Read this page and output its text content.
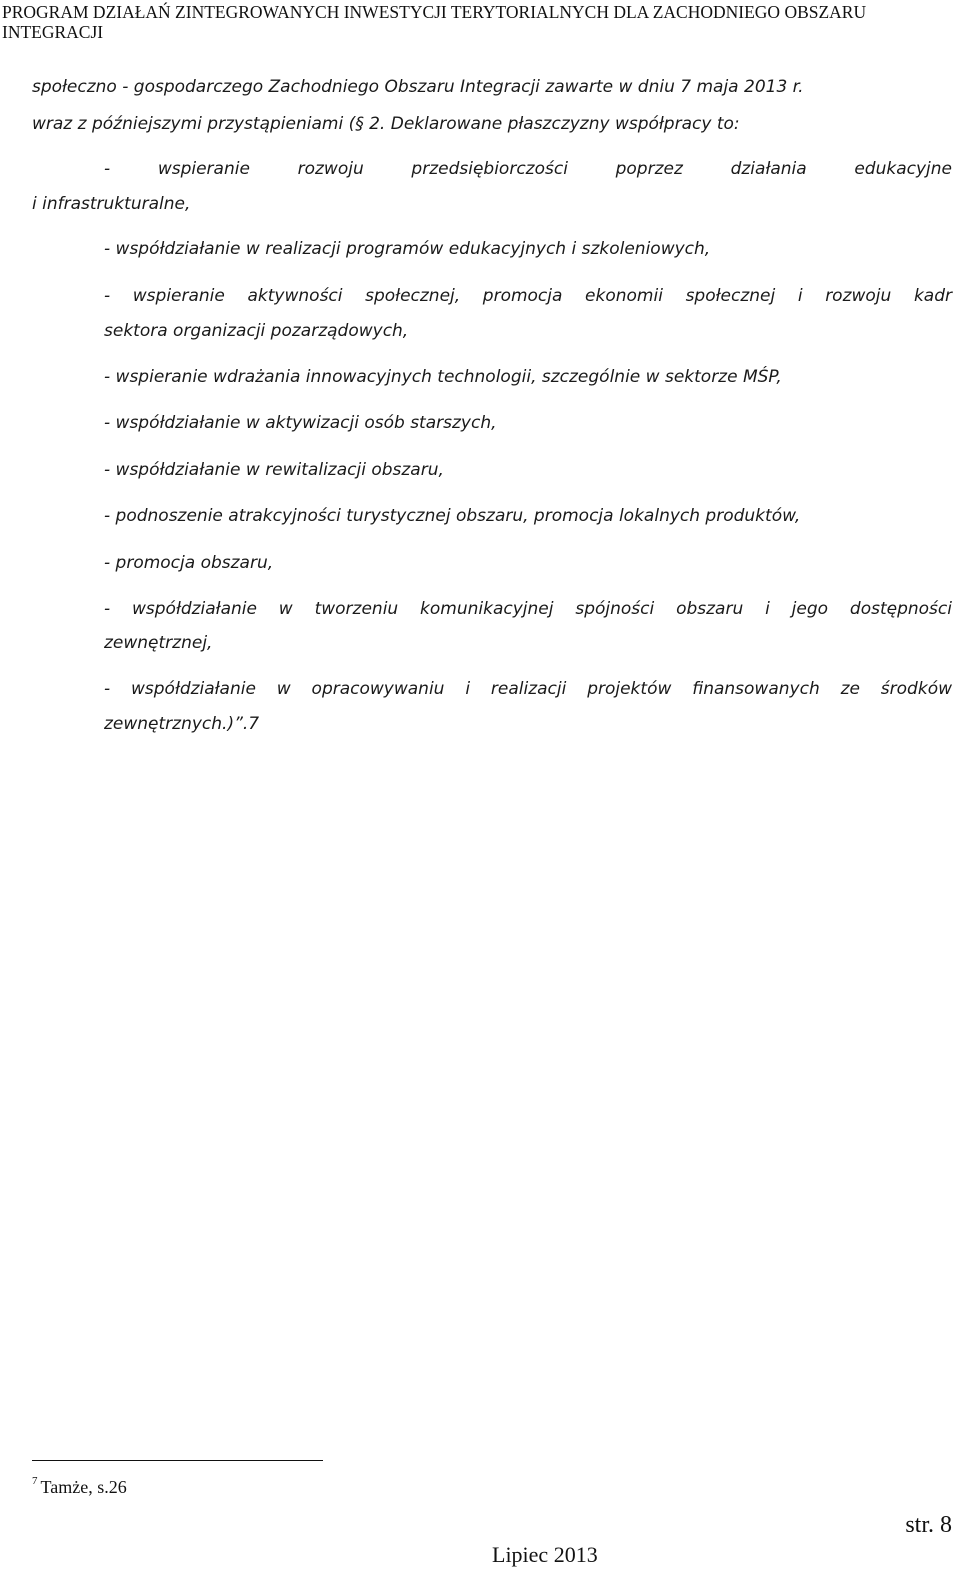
PROGRAM DZIAŁAŃ ZINTEGROWANYCH INWESTYCJI TERYTORIALNYCH DLA ZACHODNIEGO OBSZARU
INTEGRACJI
społeczno - gospodarczego Zachodniego Obszaru Integracji zawarte w dniu 7 maja 2013 r.
wraz z późniejszymi przystąpieniami (§ 2. Deklarowane płaszczyzny współpracy to:
- wspieranie rozwoju przedsiębiorczości poprzez działania edukacyjne
i infrastrukturalne,
- współdziałanie w realizacji programów edukacyjnych i szkoleniowych,
- wspieranie aktywności społecznej, promocja ekonomii społecznej i rozwoju kadr
sektora organizacji pozarządowych,
- wspieranie wdrażania innowacyjnych technologii, szczególnie w sektorze MŚP,
- współdziałanie w aktywizacji osób starszych,
- współdziałanie w rewitalizacji obszaru,
- podnoszenie atrakcyjności turystycznej obszaru, promocja lokalnych produktów,
- promocja obszaru,
- współdziałanie w tworzeniu komunikacyjnej spójności obszaru i jego dostępności
zewnętrznej,
- współdziałanie w opracowywaniu i realizacji projektów finansowanych ze środków
zewnętrznych.)”.7
$^7$ Tamże, s.26
str. 8
Lipiec 2013
